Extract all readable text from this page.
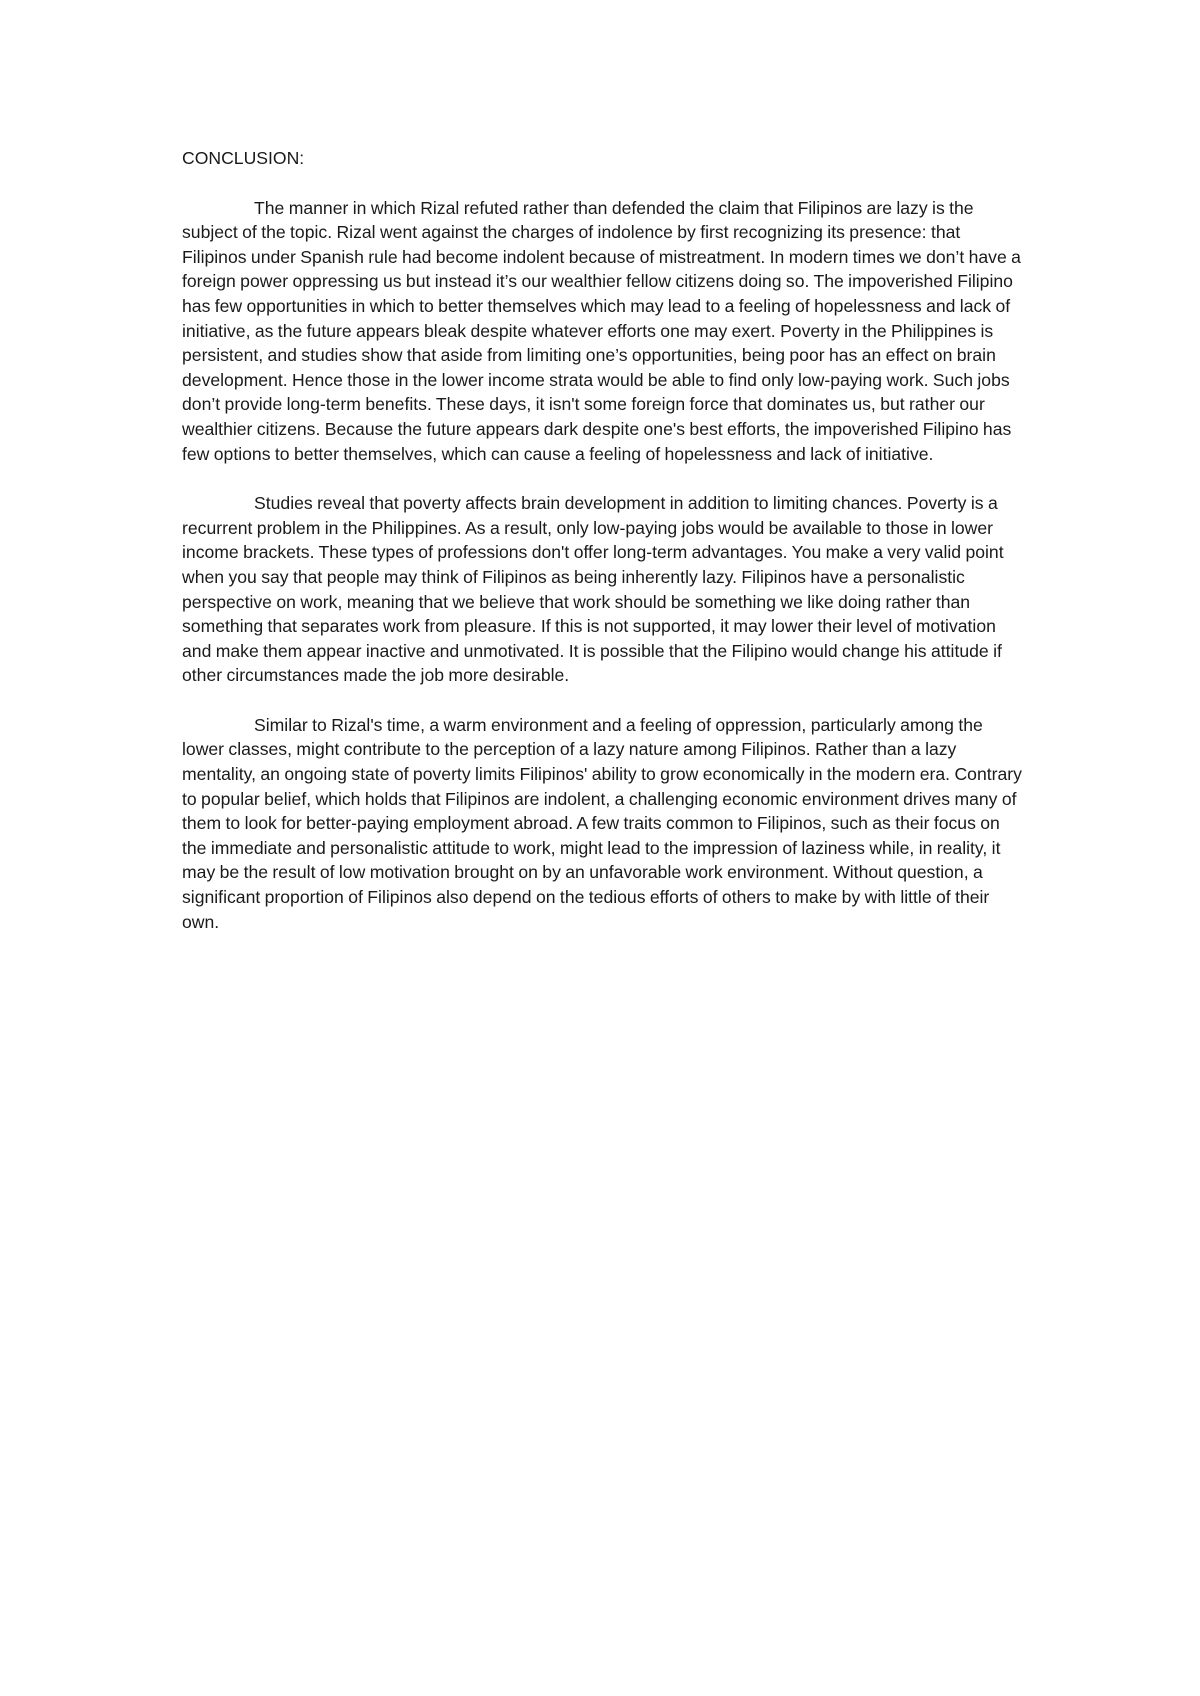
CONCLUSION:

The manner in which Rizal refuted rather than defended the claim that Filipinos are lazy is the subject of the topic. Rizal went against the charges of indolence by first recognizing its presence: that Filipinos under Spanish rule had become indolent because of mistreatment. In modern times we don’t have a foreign power oppressing us but instead it’s our wealthier fellow citizens doing so. The impoverished Filipino has few opportunities in which to better themselves which may lead to a feeling of hopelessness and lack of initiative, as the future appears bleak despite whatever efforts one may exert. Poverty in the Philippines is persistent, and studies show that aside from limiting one’s opportunities, being poor has an effect on brain development. Hence those in the lower income strata would be able to find only low-paying work. Such jobs don’t provide long-term benefits. These days, it isn't some foreign force that dominates us, but rather our wealthier citizens. Because the future appears dark despite one's best efforts, the impoverished Filipino has few options to better themselves, which can cause a feeling of hopelessness and lack of initiative.

Studies reveal that poverty affects brain development in addition to limiting chances. Poverty is a recurrent problem in the Philippines. As a result, only low-paying jobs would be available to those in lower income brackets. These types of professions don't offer long-term advantages. You make a very valid point when you say that people may think of Filipinos as being inherently lazy. Filipinos have a personalistic perspective on work, meaning that we believe that work should be something we like doing rather than something that separates work from pleasure. If this is not supported, it may lower their level of motivation and make them appear inactive and unmotivated. It is possible that the Filipino would change his attitude if other circumstances made the job more desirable.

Similar to Rizal's time, a warm environment and a feeling of oppression, particularly among the lower classes, might contribute to the perception of a lazy nature among Filipinos. Rather than a lazy mentality, an ongoing state of poverty limits Filipinos' ability to grow economically in the modern era. Contrary to popular belief, which holds that Filipinos are indolent, a challenging economic environment drives many of them to look for better-paying employment abroad. A few traits common to Filipinos, such as their focus on the immediate and personalistic attitude to work, might lead to the impression of laziness while, in reality, it may be the result of low motivation brought on by an unfavorable work environment. Without question, a significant proportion of Filipinos also depend on the tedious efforts of others to make by with little of their own.
